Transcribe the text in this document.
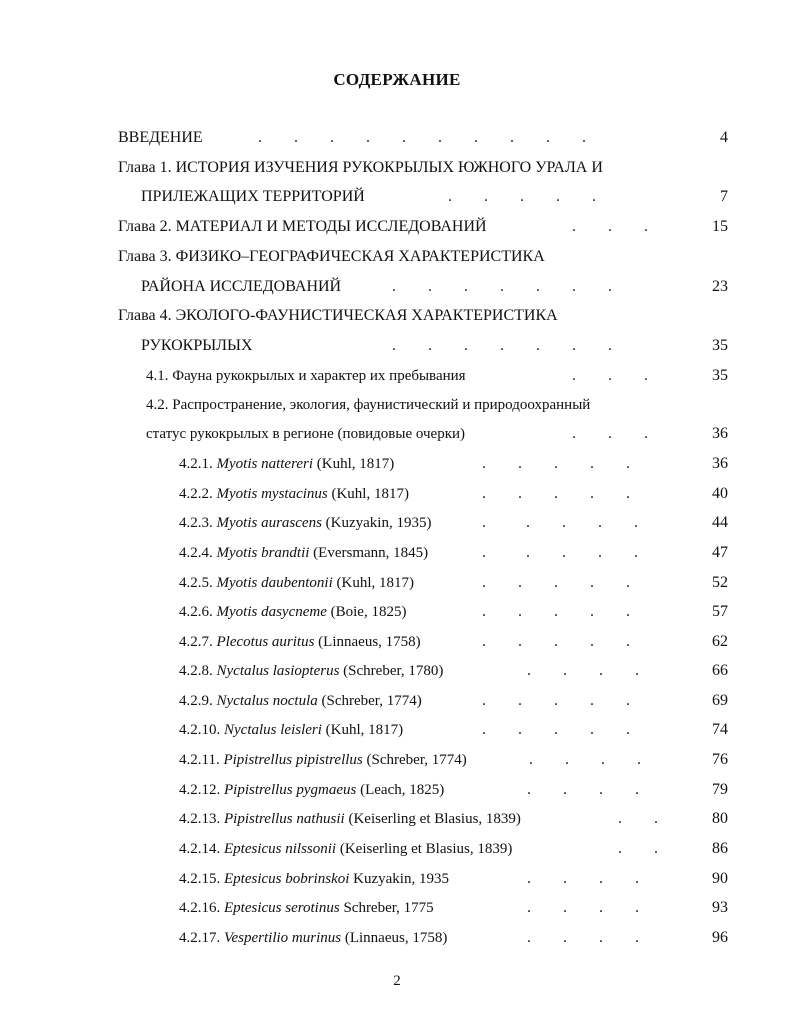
СОДЕРЖАНИЕ
ВВЕДЕНИЕ	.        .        .        .        .        .        .        .        .        .	4
Глава 1. ИСТОРИЯ ИЗУЧЕНИЯ РУКОКРЫЛЫХ ЮЖНОГО УРАЛА И
ПРИЛЕЖАЩИХ ТЕРРИТОРИЙ	.        .        .        .        .	7
Глава 2. МАТЕРИАЛ И МЕТОДЫ ИССЛЕДОВАНИЙ	.        .        .	15
Глава 3. ФИЗИКО–ГЕОГРАФИЧЕСКАЯ ХАРАКТЕРИСТИКА
РАЙОНА ИССЛЕДОВАНИЙ	.        .        .        .        .        .        .	23
Глава 4. ЭКОЛОГО-ФАУНИСТИЧЕСКАЯ ХАРАКТЕРИСТИКА
РУКОКРЫЛЫХ	.        .        .        .        .        .        .	35
4.1. Фауна рукокрылых и характер их пребывания	.        .        .	35
4.2. Распространение, экология, фаунистический и природоохранный
статус рукокрылых в регионе (повидовые очерки)	.        .        .	36
4.2.1. Myotis nattereri (Kuhl, 1817)	.        .        .        .        .	36
4.2.2. Myotis mystacinus (Kuhl, 1817)	.        .        .        .        .	40
4.2.3. Myotis aurascens (Kuzyakin, 1935)	.          .        .        .        .	44
4.2.4. Myotis brandtii (Eversmann, 1845)	.          .        .        .        .	47
4.2.5. Myotis daubentonii (Kuhl, 1817)	.        .        .        .        .	52
4.2.6. Myotis dasycneme (Boie, 1825)	.        .        .        .        .	57
4.2.7. Plecotus auritus (Linnaeus, 1758)	.        .        .        .        .	62
4.2.8. Nyctalus lasiopterus (Schreber, 1780)	.        .        .        .	66
4.2.9. Nyctalus noctula (Schreber, 1774)	.        .        .        .        .	69
4.2.10. Nyctalus leisleri (Kuhl, 1817)	.        .        .        .        .	74
4.2.11. Pipistrellus pipistrellus (Schreber, 1774)	.        .        .        .	76
4.2.12. Pipistrellus pygmaeus (Leach, 1825)	.        .        .        .	79
4.2.13. Pipistrellus nathusii (Keiserling et Blasius, 1839)	.        .	80
4.2.14. Eptesicus nilssonii (Keiserling et Blasius, 1839)	.        .	86
4.2.15. Eptesicus bobrinskoi Kuzyakin, 1935	.        .        .        .	90
4.2.16. Eptesicus serotinus Schreber, 1775	.        .        .        .	93
4.2.17. Vespertilio murinus (Linnaeus, 1758)	.        .        .        .	96
2
